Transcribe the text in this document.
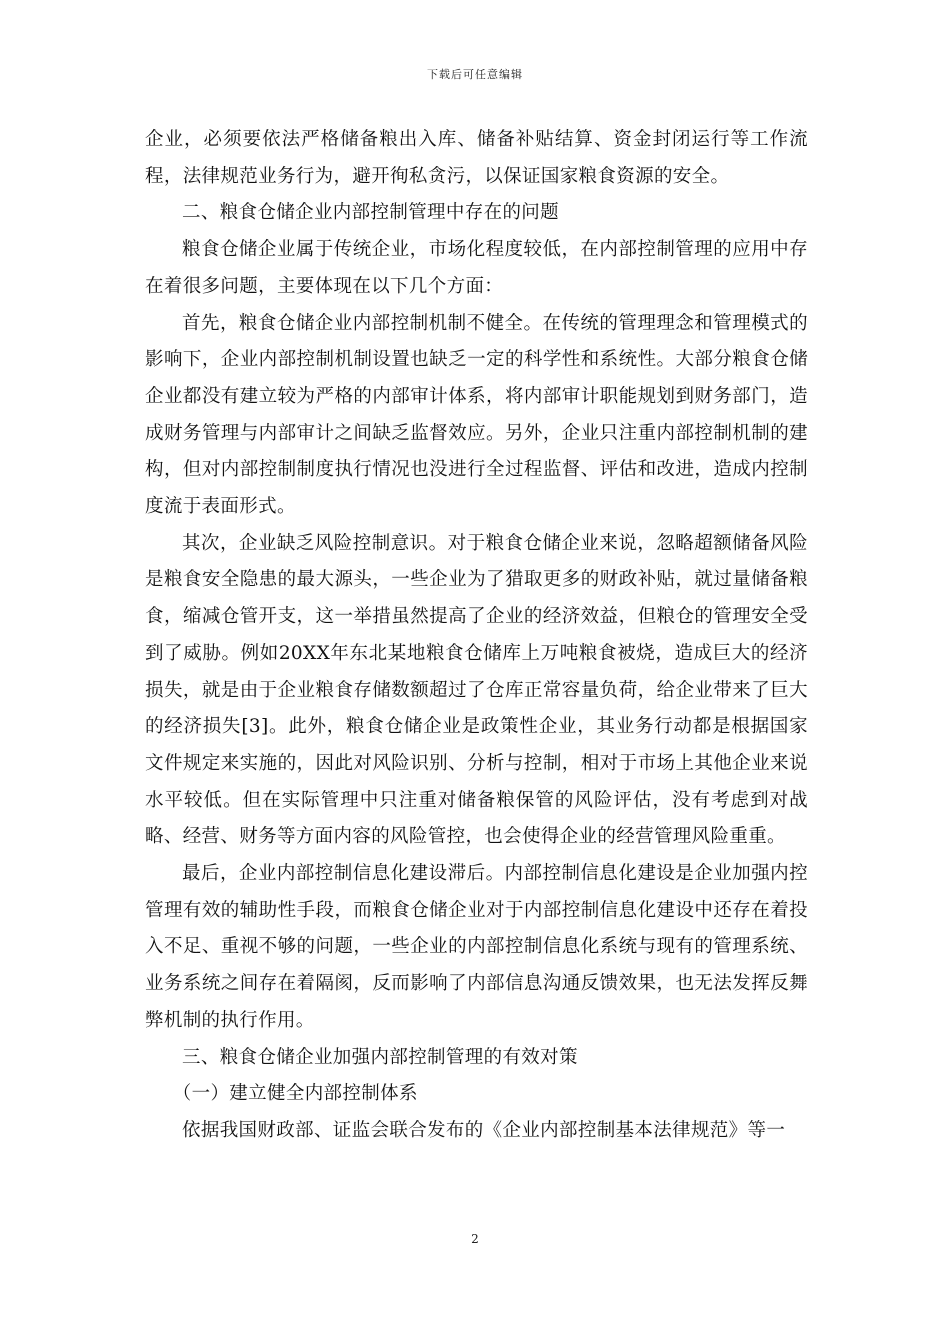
下载后可任意编辑

企业，必须要依法严格储备粮出入库、储备补贴结算、资金封闭运行等工作流程，法律规范业务行为，避开徇私贪污，以保证国家粮食资源的安全。

二、粮食仓储企业内部控制管理中存在的问题

粮食仓储企业属于传统企业，市场化程度较低，在内部控制管理的应用中存在着很多问题，主要体现在以下几个方面：

首先，粮食仓储企业内部控制机制不健全。在传统的管理理念和管理模式的影响下，企业内部控制机制设置也缺乏一定的科学性和系统性。大部分粮食仓储企业都没有建立较为严格的内部审计体系，将内部审计职能规划到财务部门，造成财务管理与内部审计之间缺乏监督效应。另外，企业只注重内部控制机制的建构，但对内部控制制度执行情况也没进行全过程监督、评估和改进，造成内控制度流于表面形式。

其次，企业缺乏风险控制意识。对于粮食仓储企业来说，忽略超额储备风险是粮食安全隐患的最大源头，一些企业为了猎取更多的财政补贴，就过量储备粮食，缩减仓管开支，这一举措虽然提高了企业的经济效益，但粮仓的管理安全受到了威胁。例如20XX年东北某地粮食仓储库上万吨粮食被烧，造成巨大的经济损失，就是由于企业粮食存储数额超过了仓库正常容量负荷，给企业带来了巨大的经济损失[3]。此外，粮食仓储企业是政策性企业，其业务行动都是根据国家文件规定来实施的，因此对风险识别、分析与控制，相对于市场上其他企业来说水平较低。但在实际管理中只注重对储备粮保管的风险评估，没有考虑到对战略、经营、财务等方面内容的风险管控，也会使得企业的经营管理风险重重。

最后，企业内部控制信息化建设滞后。内部控制信息化建设是企业加强内控管理有效的辅助性手段，而粮食仓储企业对于内部控制信息化建设中还存在着投入不足、重视不够的问题，一些企业的内部控制信息化系统与现有的管理系统、业务系统之间存在着隔阂，反而影响了内部信息沟通反馈效果，也无法发挥反舞弊机制的执行作用。

三、粮食仓储企业加强内部控制管理的有效对策

（一）建立健全内部控制体系

依据我国财政部、证监会联合发布的《企业内部控制基本法律规范》等一

2
